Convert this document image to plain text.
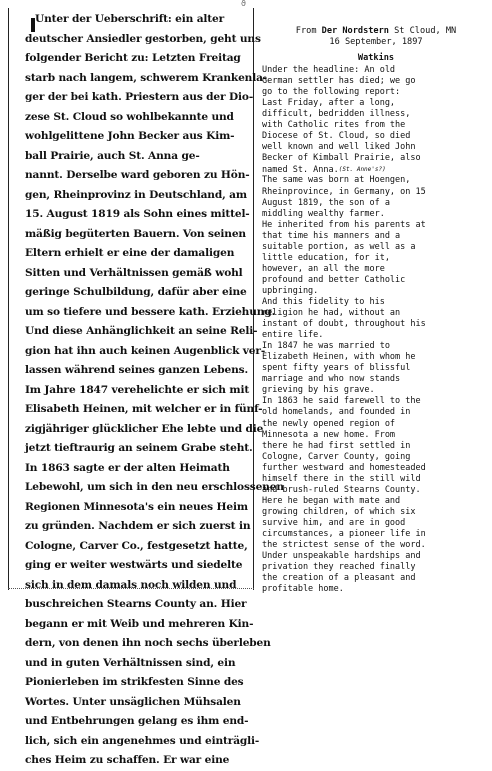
ϑ
Unter der Ueberschrift: ein alter
deutscher Ansiedler gestorben, geht uns
folgender Bericht zu: Letzten Freitag
starb nach langem, schwerem Krankenla-
ger der bei kath. Priestern aus der Dio-
zese St. Cloud so wohlbekannte und
wohlgelittene John Becker aus Kim-
ball Prairie, auch St. Anna ge-
nannt. Derselbe ward geboren zu Hön-
gen, Rheinprovinz in Deutschland, am
15. August 1819 als Sohn eines mittel-
mäßig begüterten Bauern. Von seinen
Eltern erhielt er eine der damaligen
Sitten und Verhältnissen gemäß wohl
geringe Schulbildung, dafür aber eine
um so tiefere und bessere kath. Erziehung.
Und diese Anhänglichkeit an seine Reli-
gion hat ihn auch keinen Augenblick ver-
lassen während seines ganzen Lebens.
Im Jahre 1847 verehelichte er sich mit
Elisabeth Heinen, mit welcher er in fünf-
zigjähriger glücklicher Ehe lebte und die
jetzt tieftraurig an seinem Grabe steht.
In 1863 sagte er der alten Heimath
Lebewohl, um sich in den neu erschlossenen
Regionen Minnesota's ein neues Heim
zu gründen. Nachdem er sich zuerst in
Cologne, Carver Co., festgesetzt hatte,
ging er weiter westwärts und siedelte
sich in dem damals noch wilden und
buschreichen Stearns County an. Hier
begann er mit Weib und mehreren Kin-
dern, von denen ihn noch sechs überleben
und in guten Verhältnissen sind, ein
Pionierleben im strikfesten Sinne des
Wortes. Unter unsäglichen Mühsalen
und Entbehrungen gelang es ihm end-
lich, sich ein angenehmes und einträgli-
ches Heim zu schaffen. Er war eine
From Der Nordstern St Cloud, MN
16 September, 1897
Watkins
Under the headline: An old
German settler has died; we go
go to the following report:
Last Friday, after a long,
difficult, bedridden illness,
with Catholic rites from the
Diocese of St. Cloud, so died
well known and well liked John
Becker of Kimball Prairie, also
named St. Anna.(St. Anne's?)
The same was born at Hoengen,
Rheinprovince, in Germany, on 15
August 1819, the son of a
middling wealthy farmer.
He inherited from his parents at
that time his manners and a
suitable portion, as well as a
little education, for it,
however, an all the more
profound and better Catholic
upbringing.
And this fidelity to his
religion he had, without an
instant of doubt, throughout his
entire life.
In 1847 he was married to
Elizabeth Heinen, with whom he
spent fifty years of blissful
marriage and who now stands
grieving by his grave.
In 1863 he said farewell to the
old homelands, and founded in
the newly opened region of
Minnesota a new home. From
there he had first settled in
Cologne, Carver County, going
further westward and homesteaded
himself there in the still wild
and brush-ruled Stearns County.
Here he began with mate and
growing children, of which six
survive him, and are in good
circumstances, a pioneer life in
the strictest sense of the word.
Under unspeakable hardships and
privation they reached finally
the creation of a pleasant and
profitable home.
